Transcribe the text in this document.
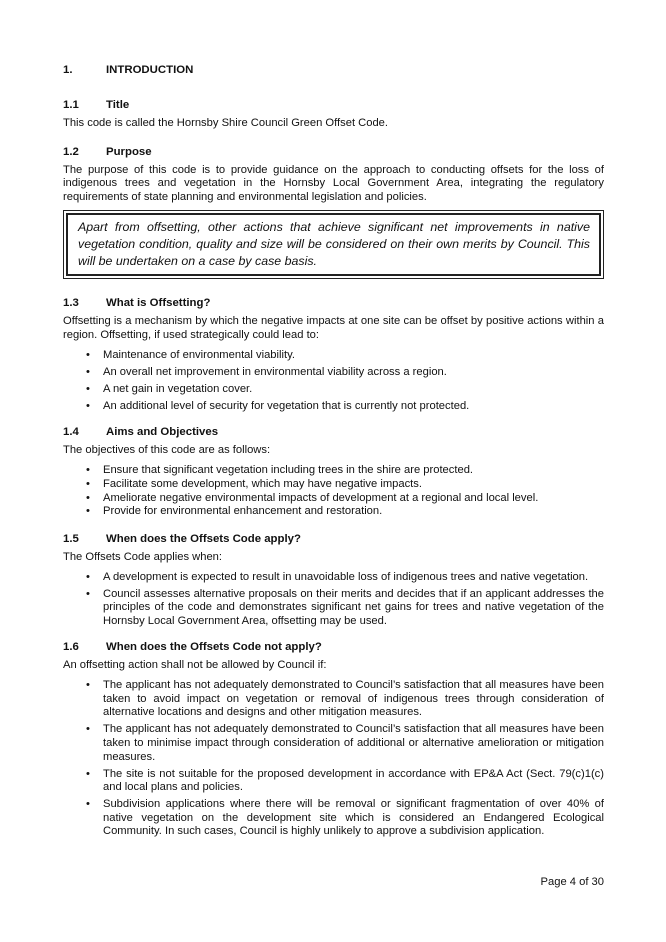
1.	INTRODUCTION
1.1	Title

This code is called the Hornsby Shire Council Green Offset Code.

1.2	Purpose

The purpose of this code is to provide guidance on the approach to conducting offsets for the loss of indigenous trees and vegetation in the Hornsby Local Government Area, integrating the regulatory requirements of state planning and environmental legislation and policies.

Apart from offsetting, other actions that achieve significant net improvements in native vegetation condition, quality and size will be considered on their own merits by Council. This will be undertaken on a case by case basis.
1.3	What is Offsetting?

Offsetting is a mechanism by which the negative impacts at one site can be offset by positive actions within a region. Offsetting, if used strategically could lead to:

• Maintenance of environmental viability.
• An overall net improvement in environmental viability across a region.
• A net gain in vegetation cover.
• An additional level of security for vegetation that is currently not protected.
1.4	Aims and Objectives

The objectives of this code are as follows:

• Ensure that significant vegetation including trees in the shire are protected.
• Facilitate some development, which may have negative impacts.
• Ameliorate negative environmental impacts of development at a regional and local level.
• Provide for environmental enhancement and restoration.
1.5	When does the Offsets Code apply?

The Offsets Code applies when:

• A development is expected to result in unavoidable loss of indigenous trees and native vegetation.
• Council assesses alternative proposals on their merits and decides that if an applicant addresses the principles of the code and demonstrates significant net gains for trees and native vegetation of the Hornsby Local Government Area, offsetting may be used.
1.6	When does the Offsets Code not apply?

An offsetting action shall not be allowed by Council if:

• The applicant has not adequately demonstrated to Council’s satisfaction that all measures have been taken to avoid impact on vegetation or removal of indigenous trees through consideration of alternative locations and designs and other mitigation measures.
• The applicant has not adequately demonstrated to Council’s satisfaction that all measures have been taken to minimise impact through consideration of additional or alternative amelioration or mitigation measures.
• The site is not suitable for the proposed development in accordance with EP&A Act (Sect. 79(c)1(c) and local plans and policies.
• Subdivision applications where there will be removal or significant fragmentation of over 40% of native vegetation on the development site which is considered an Endangered Ecological Community. In such cases, Council is highly unlikely to approve a subdivision application.
Page 4 of 30
